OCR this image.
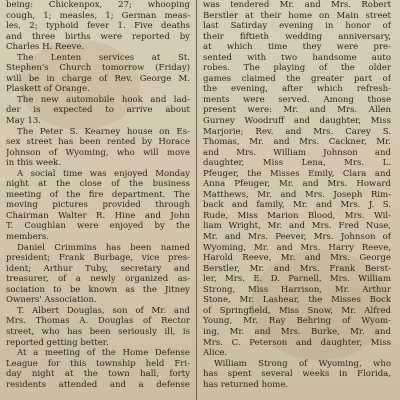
being: Chickenpox, 27; whooping
cough, 1; measles, 1; German meas-
les, 2; typhoid fever 1. Five deaths
and three births were reported by
Charles H. Reeve.
The Lenten services at St.
Stephen's Church tomorrow (Friday)
will be in charge of Rev. George M.
Plaskett of Orange.
The new automobile hook and lad-
der is expected to arrive about
May 13.
The Peter S. Kearney house on Es-
sex street has been rented by Horace
Johnson of Wyoming, who will move
in this week.
A social time was enjoyed Monday
night at the close of the business
meeting of the fire department. The
moving pictures provided through
Chairman Walter R. Hine and John
T. Coughlan were enjoyed by the
members.
Daniel Crimmins has been named
president; Frank Burbage, vice pres-
ident; Arthur Tuby, secretary and
treasurer, of a newly organized as-
sociation to be known as the Jitney
Owners' Association.
T. Albert Douglas, son of Mr. and
Mrs. Thomas A. Douglas of Rector
street, who has been seriously ill, is
reported getting better.
At a meeting of the Home Defense
League for this township held Fri-
day night at the town hall, forty
residents attended and a defense
was tendered Mr. and Mrs. Robert
Berstler at their home on Main street
last Satirday evening in honor of
their fiftieth wedding anniversary,
at which time they were pre-
sented with two handsome auto
robes. The playing of the older
games claimed the greater part of
the evening, after which refresh-
ments were served. Among those
present were: Mr. and Mrs. Allen
Gurney Woodruff and daughter, Miss
Marjorie; Rev. and Mrs. Carey S.
Thomas, Mr. and Mrs. Cackner, Mr.
and Mrs. William Johnson and
daughter, Miss Lena, Mrs. L.
Pfeuger, the Misses Emily, Clara and
Anna Pfeuger, Mr. and Mrs. Howard
Matthews, Mr. and Mrs. Joseph Rim-
back and family, Mr. and Mrs. J. S.
Rude, Miss Marion Blood, Mrs. Wil-
liam Wright, Mr. and Mrs. Fred Nuse,
Mr. and Mrs. Peever, Mrs. Johnson of
Wyoming, Mr. and Mrs. Harry Reeve,
Harold Reeve, Mr. and Mrs. George
Berstler, Mr. and Mrs. Frank Berst-
ler, Mrs. E. D. Parnell, Mrs. William
Strong, Miss Harrison, Mr. Arthur
Stone, Mr. Lashear, the Misses Bock
of Springfield, Miss Snow, Mr. Alfred
Young, Mr. Ray Behring of Wyom-
ing, Mr. and Mrs. Burke, Mr. and
Mrs. C. Peterson and daughter, Miss
Alice.
William Strong of Wyoming, who
has spent several weeks in Florida,
has returned home.
